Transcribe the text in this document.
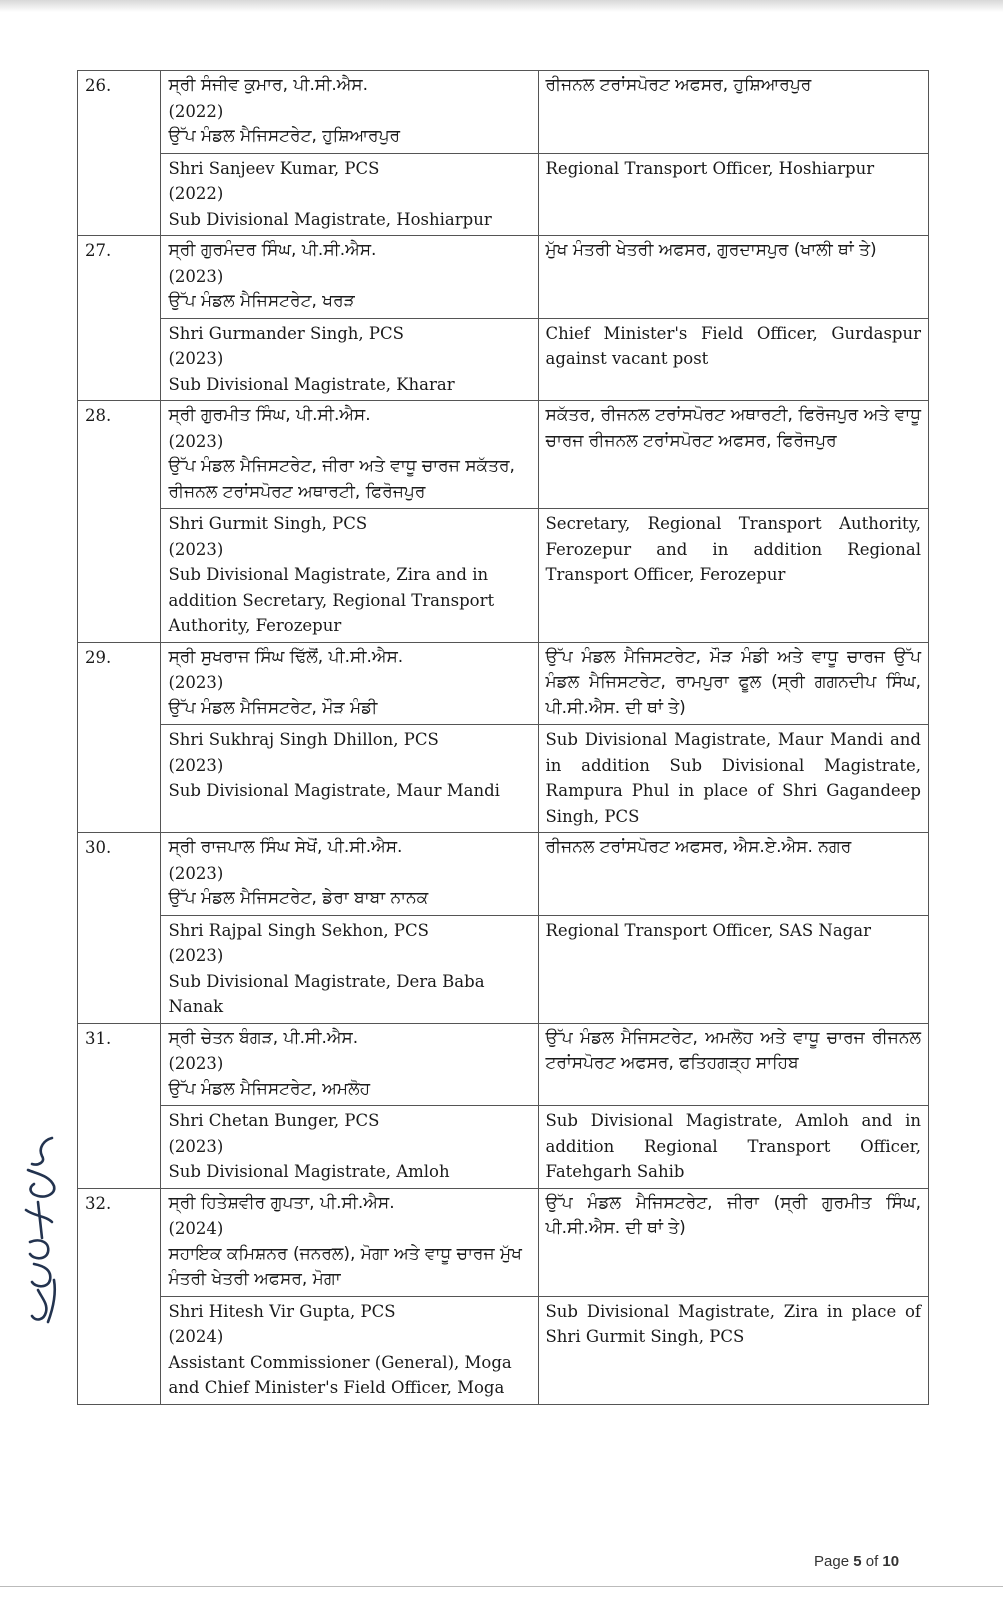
26.	ਸ੍ਰੀ ਸੰਜੀਵ ਕੁਮਾਰ, ਪੀ.ਸੀ.ਐਸ.
(2022)
ਉੱਪ ਮੰਡਲ ਮੈਜਿਸਟਰੇਟ, ਹੁਸ਼ਿਆਰਪੁਰ	ਰੀਜਨਲ ਟਰਾਂਸਪੋਰਟ ਅਫਸਰ, ਹੁਸ਼ਿਆਰਪੁਰ

	Shri Sanjeev Kumar, PCS
(2022)
Sub Divisional Magistrate, Hoshiarpur	Regional Transport Officer, Hoshiarpur
27.	ਸ੍ਰੀ ਗੁਰਮੰਦਰ ਸਿੰਘ, ਪੀ.ਸੀ.ਐਸ.
(2023)
ਉੱਪ ਮੰਡਲ ਮੈਜਿਸਟਰੇਟ, ਖਰੜ	ਮੁੱਖ ਮੰਤਰੀ ਖੇਤਰੀ ਅਫਸਰ, ਗੁਰਦਾਸਪੁਰ (ਖਾਲੀ ਥਾਂ ਤੇ)

	Shri Gurmander Singh, PCS
(2023)
Sub Divisional Magistrate, Kharar	Chief Minister's Field Officer, Gurdaspur against vacant post
28.	ਸ੍ਰੀ ਗੁਰਮੀਤ ਸਿੰਘ, ਪੀ.ਸੀ.ਐਸ.
(2023)
ਉੱਪ ਮੰਡਲ ਮੈਜਿਸਟਰੇਟ, ਜੀਰਾ ਅਤੇ ਵਾਧੂ ਚਾਰਜ ਸਕੱਤਰ, ਰੀਜਨਲ ਟਰਾਂਸਪੋਰਟ ਅਥਾਰਟੀ, ਫਿਰੋਜਪੁਰ	ਸਕੱਤਰ, ਰੀਜਨਲ ਟਰਾਂਸਪੋਰਟ ਅਥਾਰਟੀ, ਫਿਰੋਜਪੁਰ ਅਤੇ ਵਾਧੂ ਚਾਰਜ ਰੀਜਨਲ ਟਰਾਂਸਪੋਰਟ ਅਫਸਰ, ਫਿਰੋਜਪੁਰ

	Shri Gurmit Singh, PCS
(2023)
Sub Divisional Magistrate, Zira and in addition Secretary, Regional Transport Authority, Ferozepur	Secretary, Regional Transport Authority, Ferozepur and in addition Regional Transport Officer, Ferozepur
29.	ਸ੍ਰੀ ਸੁਖਰਾਜ ਸਿੰਘ ਢਿੱਲੋਂ, ਪੀ.ਸੀ.ਐਸ.
(2023)
ਉੱਪ ਮੰਡਲ ਮੈਜਿਸਟਰੇਟ, ਮੌੜ ਮੰਡੀ	ਉੱਪ ਮੰਡਲ ਮੈਜਿਸਟਰੇਟ, ਮੌੜ ਮੰਡੀ ਅਤੇ ਵਾਧੂ ਚਾਰਜ ਉੱਪ ਮੰਡਲ ਮੈਜਿਸਟਰੇਟ, ਰਾਮਪੁਰਾ ਫੂਲ (ਸ੍ਰੀ ਗਗਨਦੀਪ ਸਿੰਘ, ਪੀ.ਸੀ.ਐਸ. ਦੀ ਥਾਂ ਤੇ)

	Shri Sukhraj Singh Dhillon, PCS
(2023)
Sub Divisional Magistrate, Maur Mandi	Sub Divisional Magistrate, Maur Mandi and in addition Sub Divisional Magistrate, Rampura Phul in place of Shri Gagandeep Singh, PCS
30.	ਸ੍ਰੀ ਰਾਜਪਾਲ ਸਿੰਘ ਸੇਖੋਂ, ਪੀ.ਸੀ.ਐਸ.
(2023)
ਉੱਪ ਮੰਡਲ ਮੈਜਿਸਟਰੇਟ, ਡੇਰਾ ਬਾਬਾ ਨਾਨਕ	ਰੀਜਨਲ ਟਰਾਂਸਪੋਰਟ ਅਫਸਰ, ਐਸ.ਏ.ਐਸ. ਨਗਰ

	Shri Rajpal Singh Sekhon, PCS
(2023)
Sub Divisional Magistrate, Dera Baba Nanak	Regional Transport Officer, SAS Nagar
31.	ਸ੍ਰੀ ਚੇਤਨ ਬੰਗੜ, ਪੀ.ਸੀ.ਐਸ.
(2023)
ਉੱਪ ਮੰਡਲ ਮੈਜਿਸਟਰੇਟ, ਅਮਲੋਹ	ਉੱਪ ਮੰਡਲ ਮੈਜਿਸਟਰੇਟ, ਅਮਲੋਹ ਅਤੇ ਵਾਧੂ ਚਾਰਜ ਰੀਜਨਲ ਟਰਾਂਸਪੋਰਟ ਅਫਸਰ, ਫਤਿਹਗੜ੍ਹ ਸਾਹਿਬ

	Shri Chetan Bunger, PCS
(2023)
Sub Divisional Magistrate, Amloh	Sub Divisional Magistrate, Amloh and in addition Regional Transport Officer, Fatehgarh Sahib
32.	ਸ੍ਰੀ ਹਿਤੇਸ਼ਵੀਰ ਗੁਪਤਾ, ਪੀ.ਸੀ.ਐਸ.
(2024)
ਸਹਾਇਕ ਕਮਿਸ਼ਨਰ (ਜਨਰਲ), ਮੋਗਾ ਅਤੇ ਵਾਧੂ ਚਾਰਜ ਮੁੱਖ ਮੰਤਰੀ ਖੇਤਰੀ ਅਫਸਰ, ਮੋਗਾ	ਉੱਪ ਮੰਡਲ ਮੈਜਿਸਟਰੇਟ, ਜੀਰਾ (ਸ੍ਰੀ ਗੁਰਮੀਤ ਸਿੰਘ, ਪੀ.ਸੀ.ਐਸ. ਦੀ ਥਾਂ ਤੇ)

	Shri Hitesh Vir Gupta, PCS
(2024)
Assistant Commissioner (General), Moga and Chief Minister's Field Officer, Moga	Sub Divisional Magistrate, Zira in place of Shri Gurmit Singh, PCS
Page 5 of 10
